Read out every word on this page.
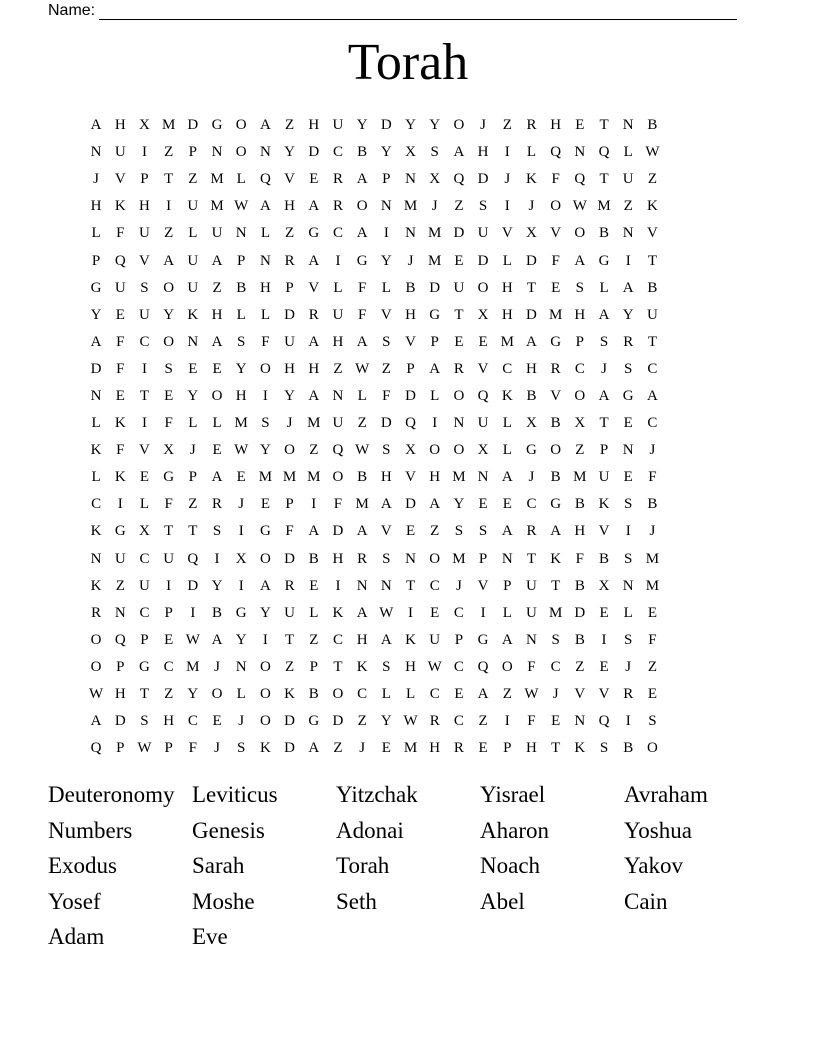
Name:
Torah
A	H	X	M	D	G	O	A	Z	H	U	Y	D	Y	Y	O	J	Z	R	H	E	T	N	B
N	U	I	Z	P	N	O	N	Y	D	C	B	Y	X	S	A	H	I	L	Q	N	Q	L	W
J	V	P	T	Z	M	L	Q	V	E	R	A	P	N	X	Q	D	J	K	F	Q	T	U	Z
H	K	H	I	U	M	W	A	H	A	R	O	N	M	J	Z	S	I	J	O	W	M	Z	K
L	F	U	Z	L	U	N	L	Z	G	C	A	I	N	M	D	U	V	X	V	O	B	N	V
P	Q	V	A	U	A	P	N	R	A	I	G	Y	J	M	E	D	L	D	F	A	G	I	T
G	U	S	O	U	Z	B	H	P	V	L	F	L	B	D	U	O	H	T	E	S	L	A	B
Y	E	U	Y	K	H	L	L	D	R	U	F	V	H	G	T	X	H	D	M	H	A	Y	U
A	F	C	O	N	A	S	F	U	A	H	A	S	V	P	E	E	M	A	G	P	S	R	T
D	F	I	S	E	E	Y	O	H	H	Z	W	Z	P	A	R	V	C	H	R	C	J	S	C
N	E	T	E	Y	O	H	I	Y	A	N	L	F	D	L	O	Q	K	B	V	O	A	G	A
L	K	I	F	L	L	M	S	J	M	U	Z	D	Q	I	N	U	L	X	B	X	T	E	C
K	F	V	X	J	E	W	Y	O	Z	Q	W	S	X	O	O	X	L	G	O	Z	P	N	J
L	K	E	G	P	A	E	M	M	M	O	B	H	V	H	M	N	A	J	B	M	U	E	F
C	I	L	F	Z	R	J	E	P	I	F	M	A	D	A	Y	E	E	C	G	B	K	S	B
K	G	X	T	T	S	I	G	F	A	D	A	V	E	Z	S	S	A	R	A	H	V	I	J
N	U	C	U	Q	I	X	O	D	B	H	R	S	N	O	M	P	N	T	K	F	B	S	M
K	Z	U	I	D	Y	I	A	R	E	I	N	N	T	C	J	V	P	U	T	B	X	N	M
R	N	C	P	I	B	G	Y	U	L	K	A	W	I	E	C	I	L	U	M	D	E	L	E
O	Q	P	E	W	A	Y	I	T	Z	C	H	A	K	U	P	G	A	N	S	B	I	S	F
O	P	G	C	M	J	N	O	Z	P	T	K	S	H	W	C	Q	O	F	C	Z	E	J	Z
W	H	T	Z	Y	O	L	O	K	B	O	C	L	L	C	E	A	Z	W	J	V	V	R	E
A	D	S	H	C	E	J	O	D	G	D	Z	Y	W	R	C	Z	I	F	E	N	Q	I	S
Q	P	W	P	F	J	S	K	D	A	Z	J	E	M	H	R	E	P	H	T	K	S	B	O
Deuteronomy Leviticus	Yitzchak	Yisrael	Avraham
Numbers	Genesis	Adonai	Aharon	Yoshua
Exodus	Sarah	Torah	Noach	Yakov
Yosef	Moshe	Seth	Abel	Cain
Adam	Eve
